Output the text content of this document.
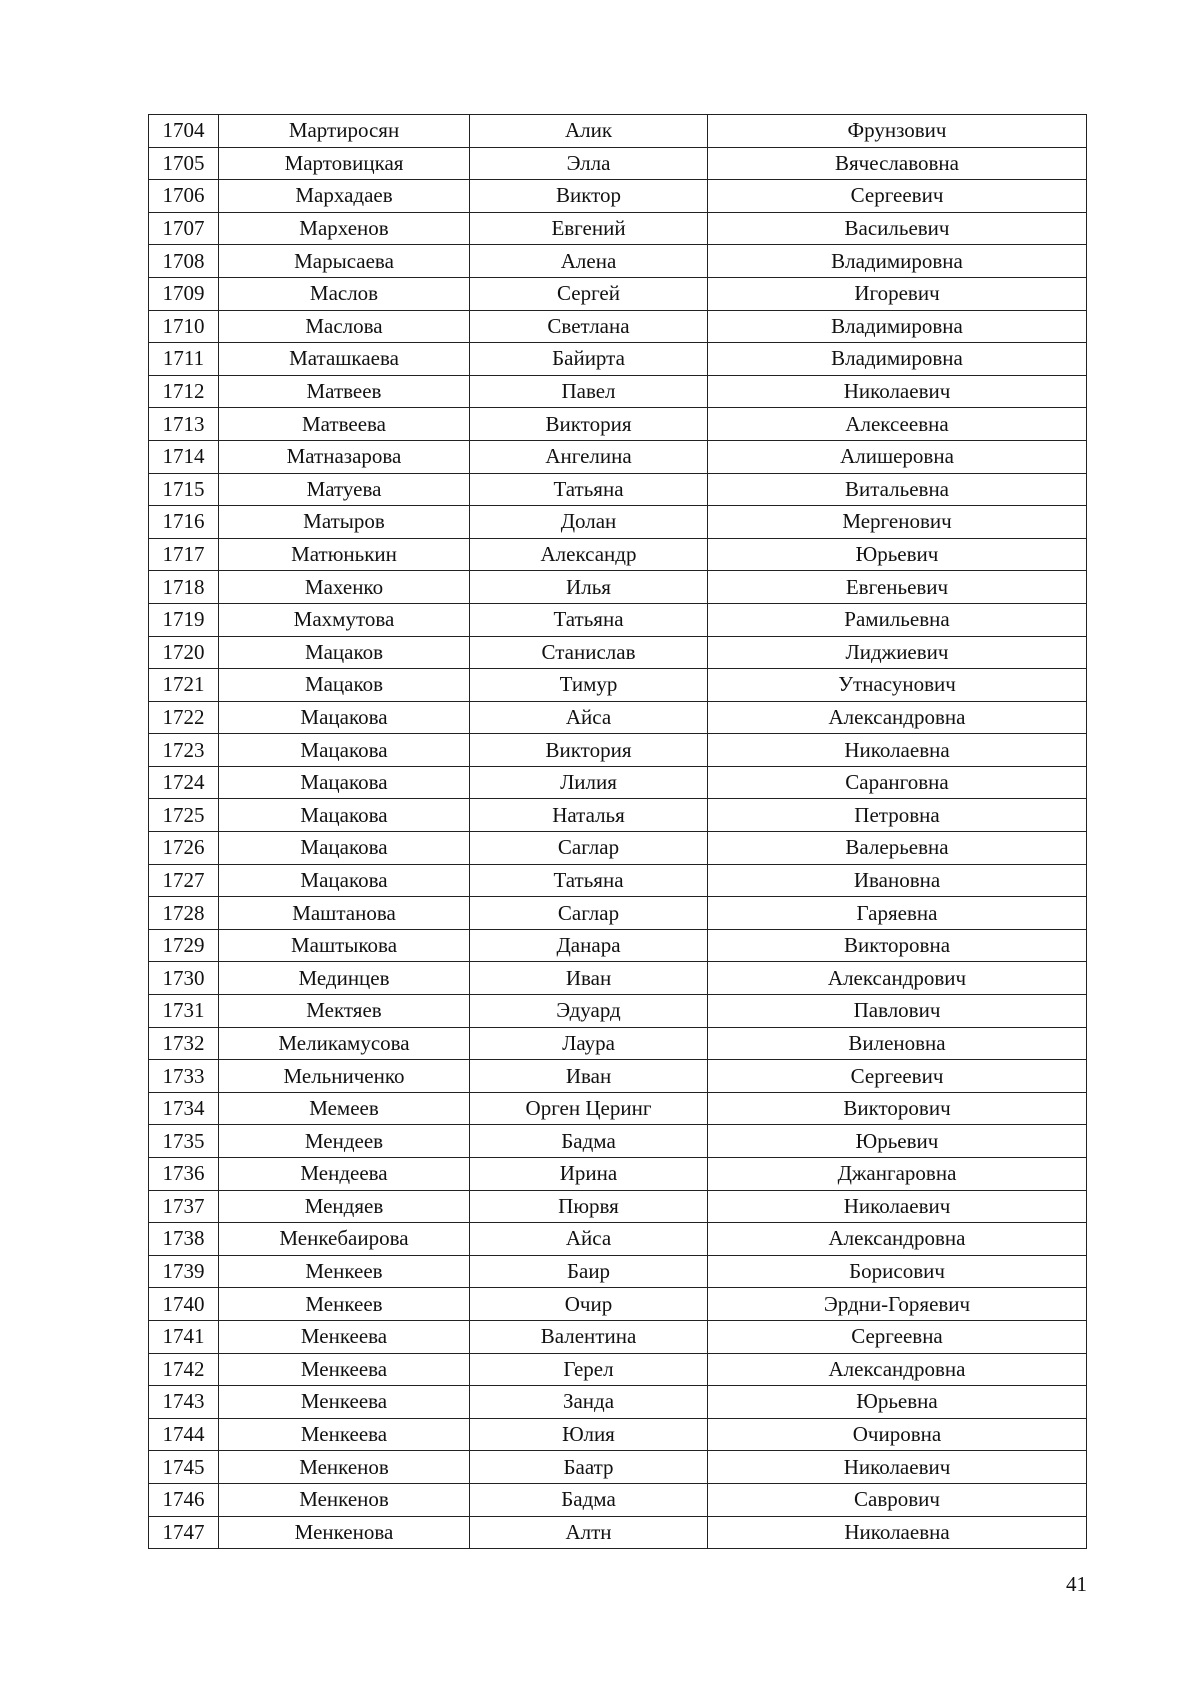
1704	Мартиросян	Алик	Фрунзович
1705	Мартовицкая	Элла	Вячеславовна
1706	Мархадаев	Виктор	Сергеевич
1707	Мархенов	Евгений	Васильевич
1708	Марысаева	Алена	Владимировна
1709	Маслов	Сергей	Игоревич
1710	Маслова	Светлана	Владимировна
1711	Маташкаева	Байирта	Владимировна
1712	Матвеев	Павел	Николаевич
1713	Матвеева	Виктория	Алексеевна
1714	Матназарова	Ангелина	Алишеровна
1715	Матуева	Татьяна	Витальевна
1716	Матыров	Долан	Мергенович
1717	Матюнькин	Александр	Юрьевич
1718	Махенко	Илья	Евгеньевич
1719	Махмутова	Татьяна	Рамильевна
1720	Мацаков	Станислав	Лиджиевич
1721	Мацаков	Тимур	Утнасунович
1722	Мацакова	Айса	Александровна
1723	Мацакова	Виктория	Николаевна
1724	Мацакова	Лилия	Саранговна
1725	Мацакова	Наталья	Петровна
1726	Мацакова	Саглар	Валерьевна
1727	Мацакова	Татьяна	Ивановна
1728	Маштанова	Саглар	Гаряевна
1729	Маштыкова	Данара	Викторовна
1730	Мединцев	Иван	Александрович
1731	Мектяев	Эдуард	Павлович
1732	Меликамусова	Лаура	Виленовна
1733	Мельниченко	Иван	Сергеевич
1734	Мемеев	Орген Церинг	Викторович
1735	Мендеев	Бадма	Юрьевич
1736	Мендеева	Ирина	Джангаровна
1737	Мендяев	Пюрвя	Николаевич
1738	Менкебаирова	Айса	Александровна
1739	Менкеев	Баир	Борисович
1740	Менкеев	Очир	Эрдни-Горяевич
1741	Менкеева	Валентина	Сергеевна
1742	Менкеева	Герел	Александровна
1743	Менкеева	Занда	Юрьевна
1744	Менкеева	Юлия	Очировна
1745	Менкенов	Баатр	Николаевич
1746	Менкенов	Бадма	Саврович
1747	Менкенова	Алтн	Николаевна
41
